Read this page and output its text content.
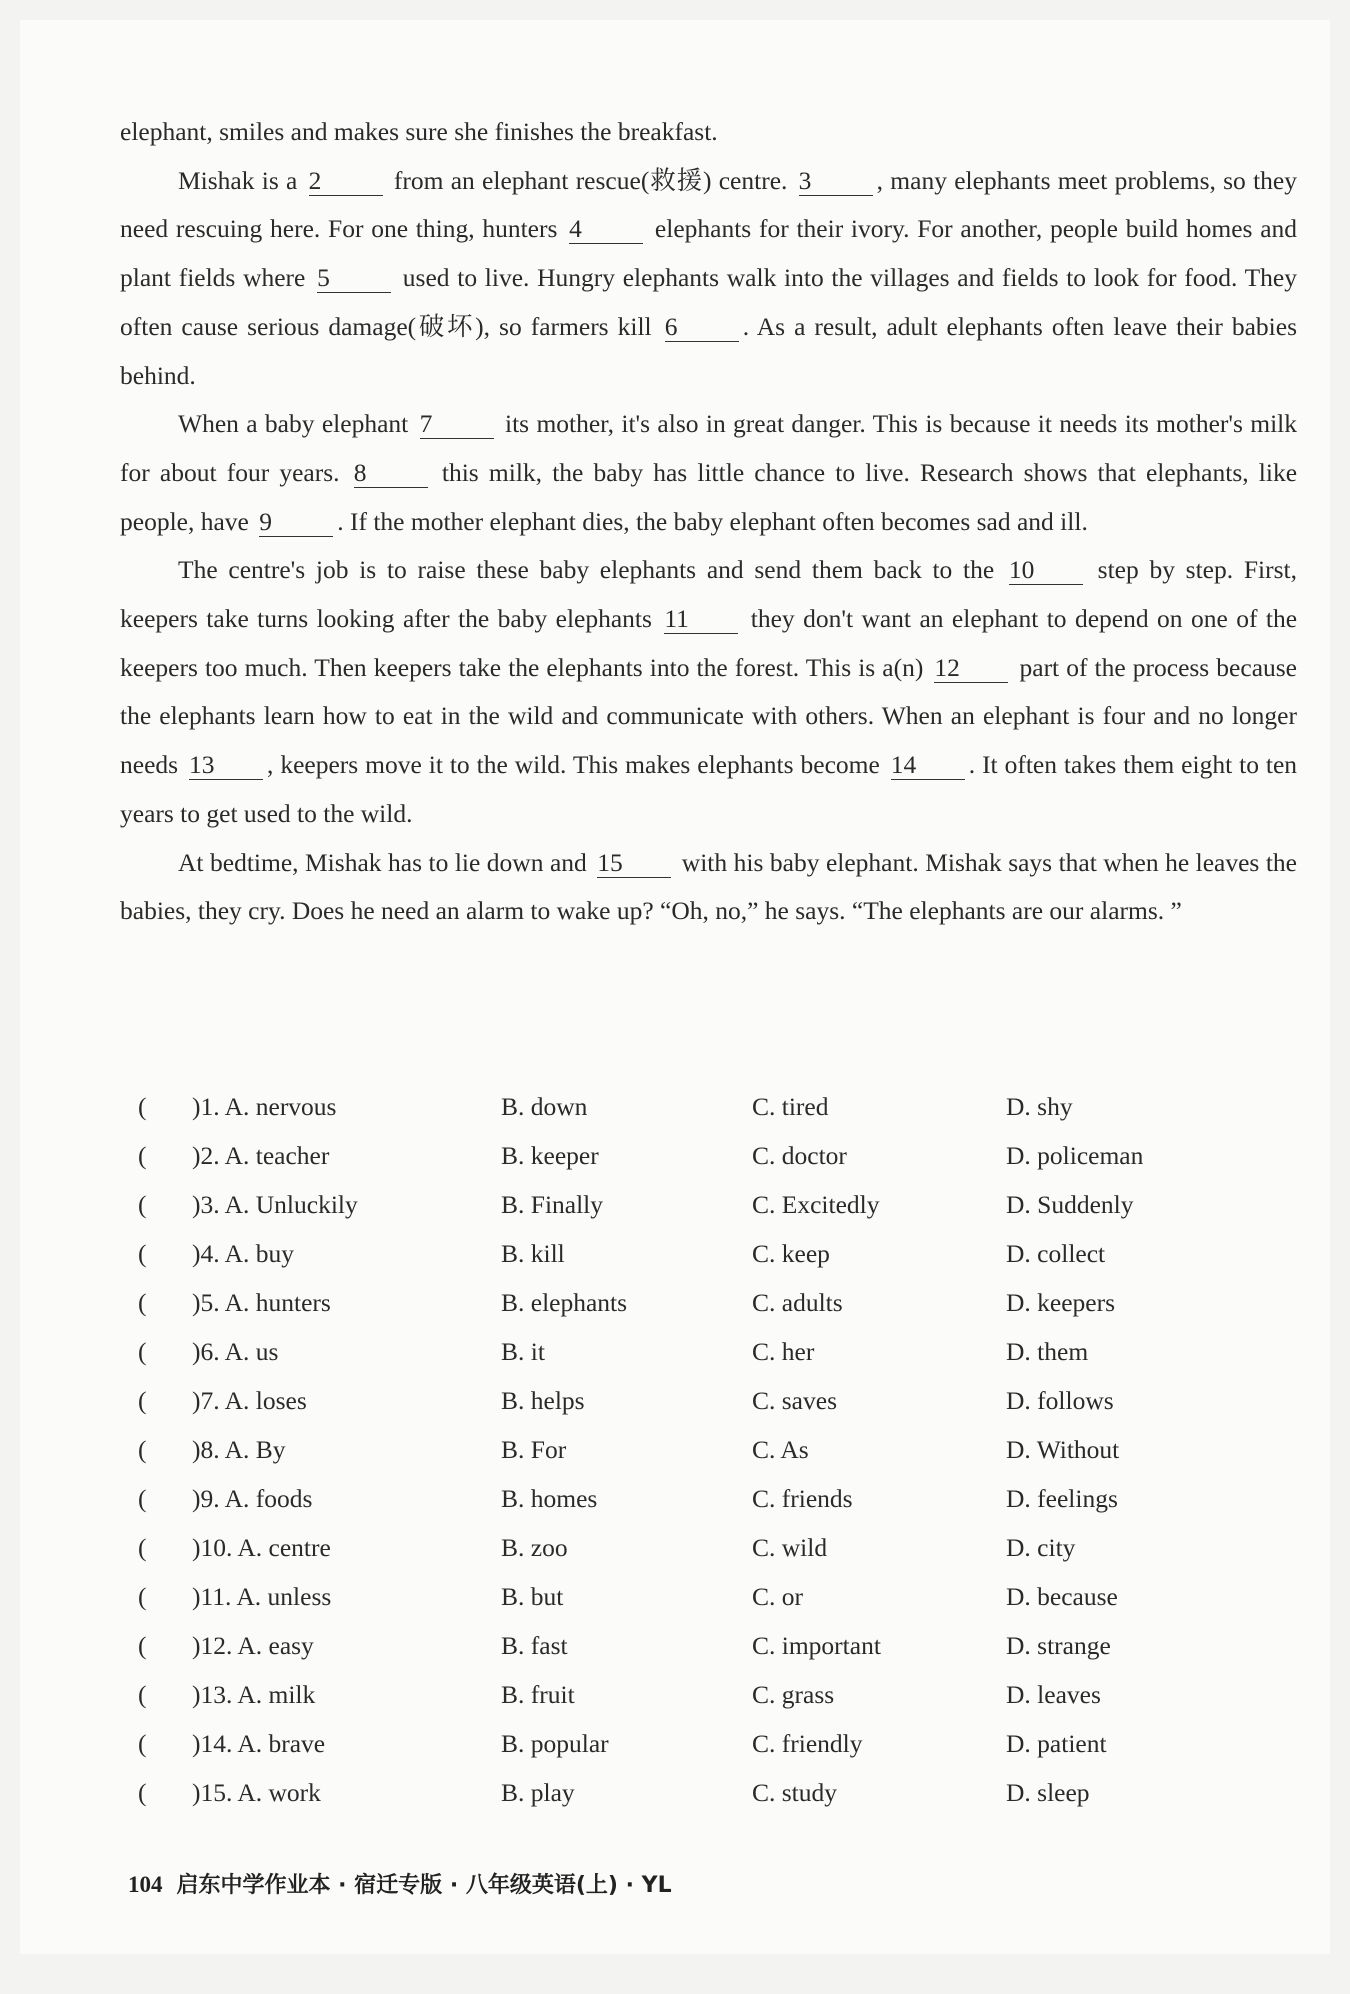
elephant, smiles and makes sure she finishes the breakfast.

Mishak is a 2	from an elephant rescue(救援) centre. 3	, many elephants meet problems, so they need rescuing here. For one thing, hunters 4	elephants for their ivory. For another, people build homes and plant fields where 5	used to live. Hungry elephants walk into the villages and fields to look for food. They often cause serious damage(破坏), so farmers kill 6	. As a result, adult elephants often leave their babies behind.

When a baby elephant 7	its mother, it's also in great danger. This is because it needs its mother's milk for about four years. 8	this milk, the baby has little chance to live. Research shows that elephants, like people, have 9	. If the mother elephant dies, the baby elephant often becomes sad and ill.

The centre's job is to raise these baby elephants and send them back to the 10 step by step. First, keepers take turns looking after the baby elephants 11 they don't want an elephant to depend on one of the keepers too much. Then keepers take the elephants into the forest. This is a(n) 12 part of the process because the elephants learn how to eat in the wild and communicate with others. When an elephant is four and no longer needs 13 , keepers move it to the wild. This makes elephants become 14 . It often takes them eight to ten years to get used to the wild.

At bedtime, Mishak has to lie down and 15 with his baby elephant. Mishak says that when he leaves the babies, they cry. Does he need an alarm to wake up? “Oh, no,” he says. “The elephants are our alarms. ”

( )1. A. nervous	B. down	C. tired	D. shy
( )2. A. teacher	B. keeper	C. doctor	D. policeman
( )3. A. Unluckily	B. Finally	C. Excitedly	D. Suddenly
( )4. A. buy	B. kill	C. keep	D. collect
( )5. A. hunters	B. elephants	C. adults	D. keepers
( )6. A. us	B. it	C. her	D. them
( )7. A. loses	B. helps	C. saves	D. follows
( )8. A. By	B. For	C. As	D. Without
( )9. A. foods	B. homes	C. friends	D. feelings
( )10. A. centre	B. zoo	C. wild	D. city
( )11. A. unless	B. but	C. or	D. because
( )12. A. easy	B. fast	C. important	D. strange
( )13. A. milk	B. fruit	C. grass	D. leaves
( )14. A. brave	B. popular	C. friendly	D. patient
( )15. A. work	B. play	C. study	D. sleep
104 启东中学作业本 · 宿迁专版 · 八年级英语(上) · YL
